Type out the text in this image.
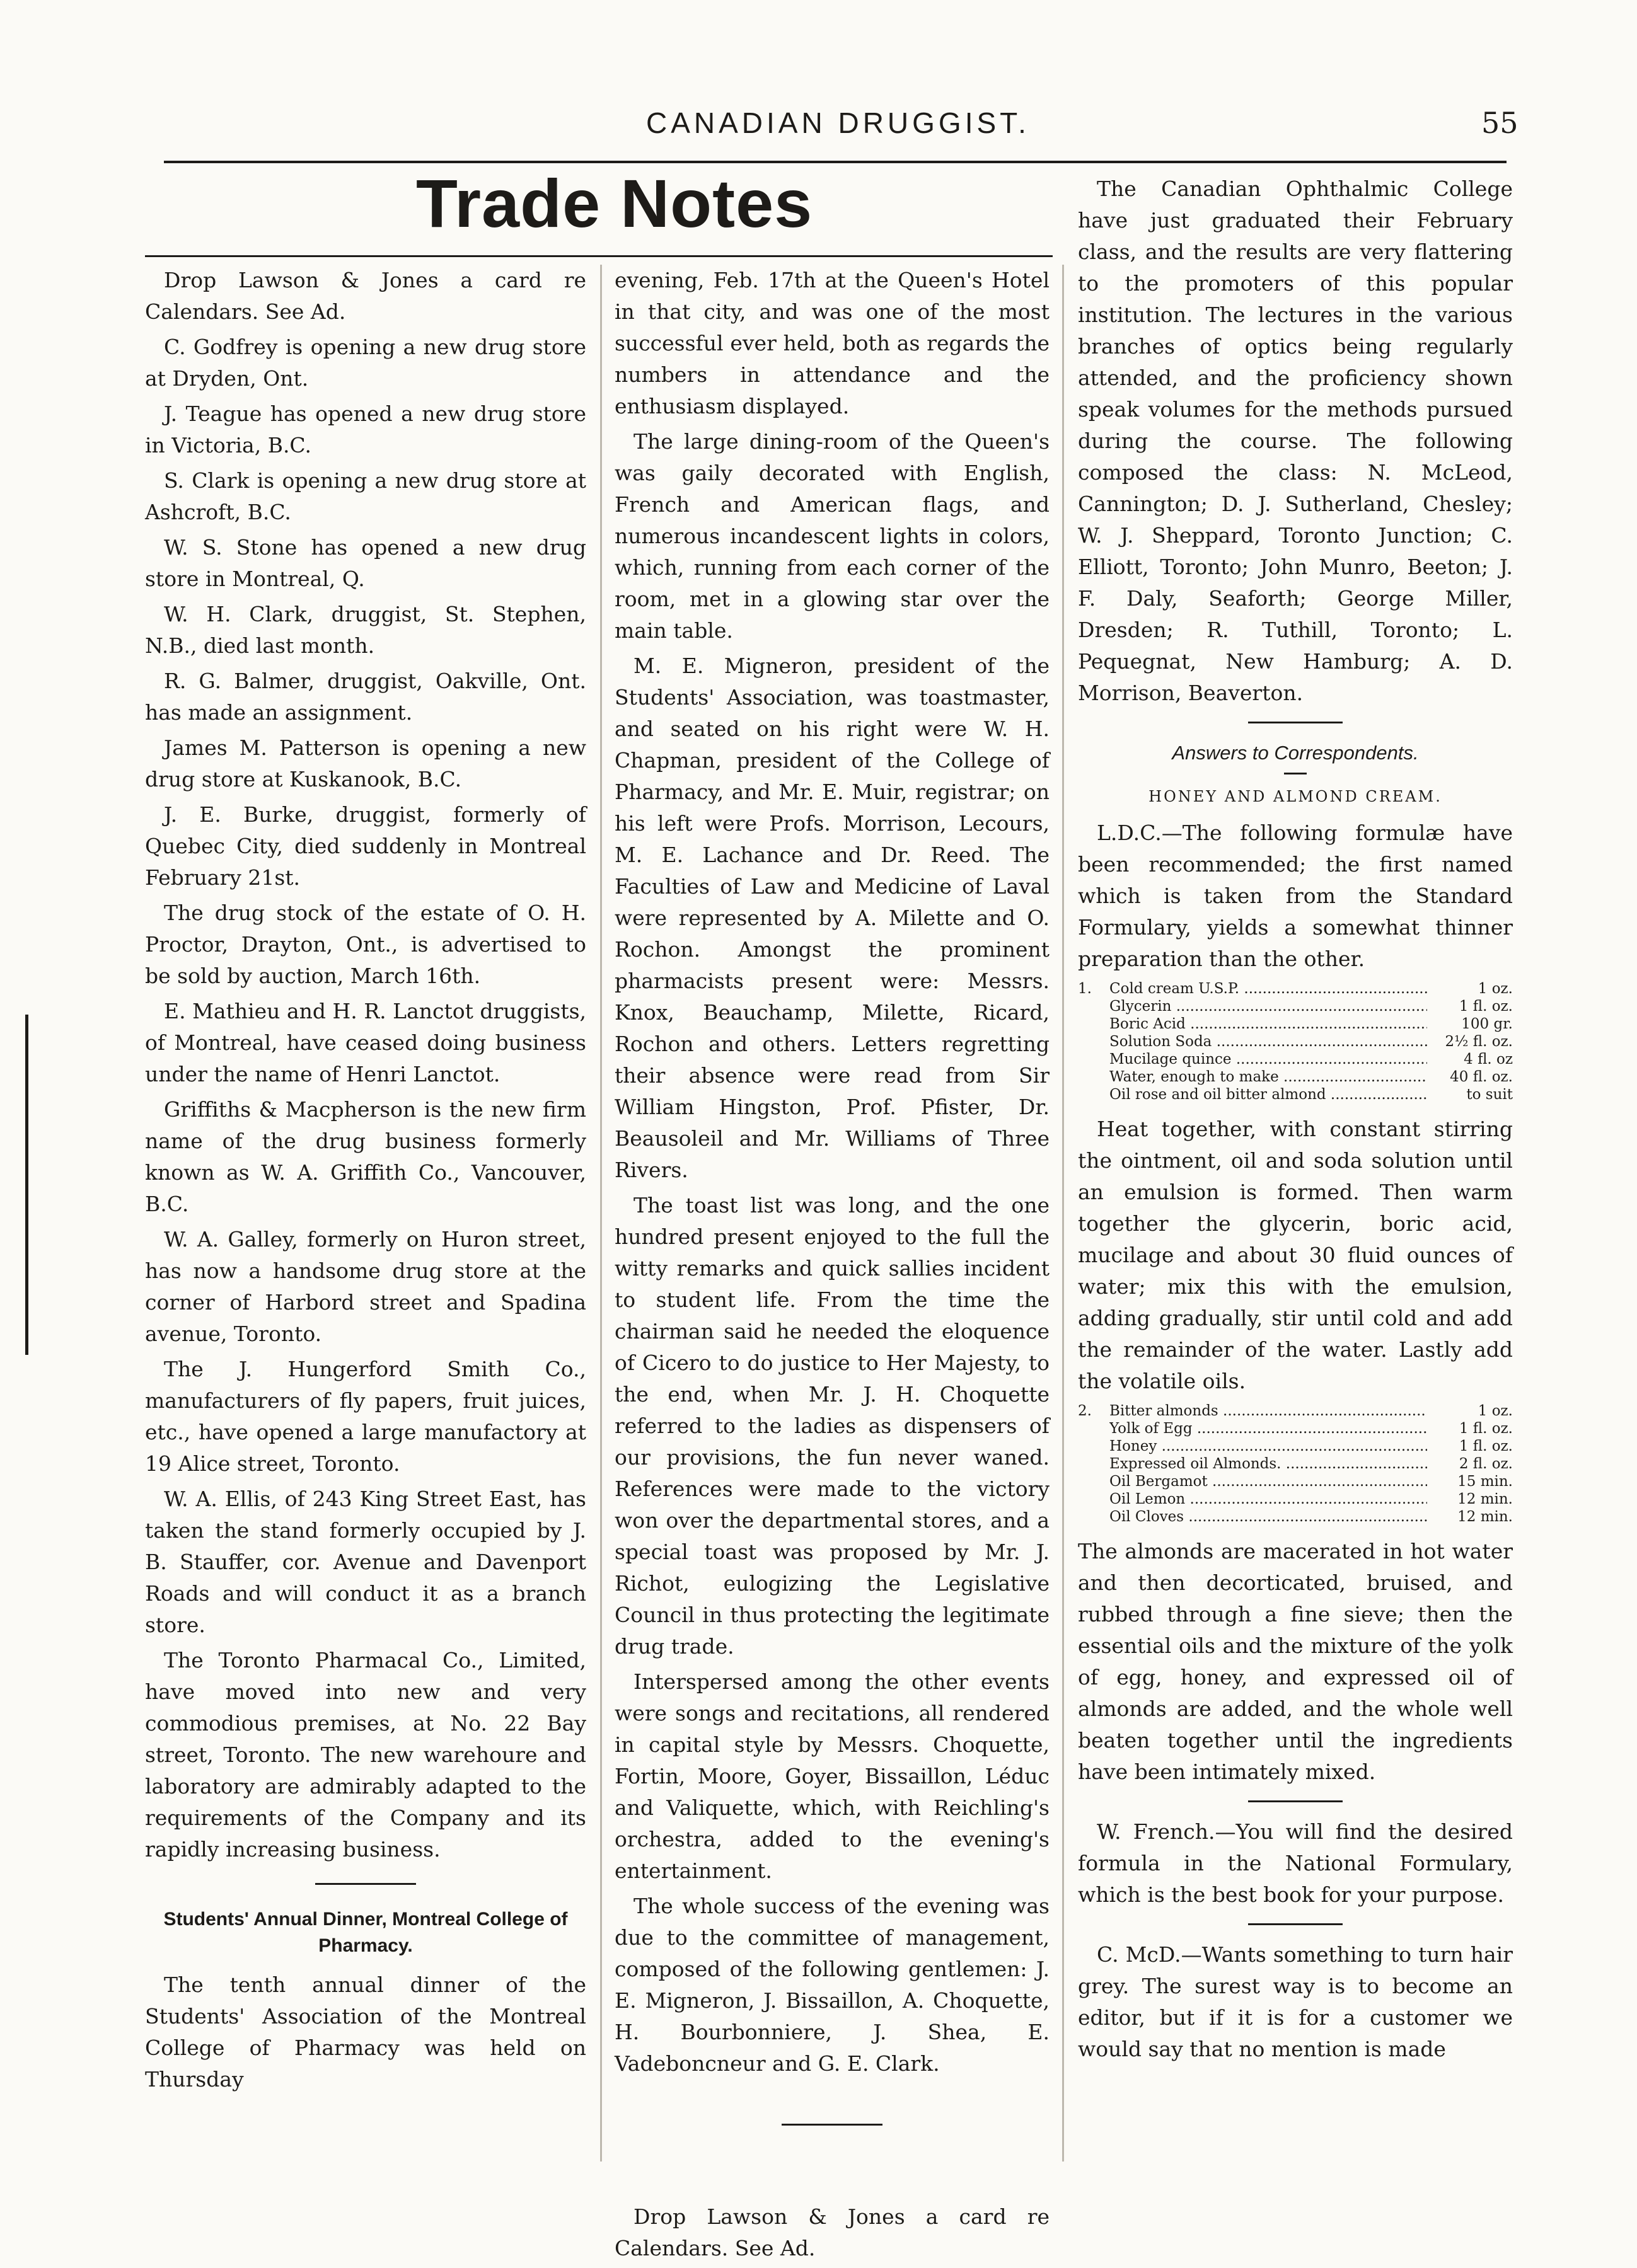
CANADIAN DRUGGIST.	55
Trade Notes

Drop Lawson & Jones a card re Calendars. See Ad.

C. Godfrey is opening a new drug store at Dryden, Ont.

J. Teague has opened a new drug store in Victoria, B.C.

S. Clark is opening a new drug store at Ashcroft, B.C.

W. S. Stone has opened a new drug store in Montreal, Q.

W. H. Clark, druggist, St. Stephen, N.B., died last month.

R. G. Balmer, druggist, Oakville, Ont. has made an assignment.

James M. Patterson is opening a new drug store at Kuskanook, B.C.

J. E. Burke, druggist, formerly of Quebec City, died suddenly in Montreal February 21st.

The drug stock of the estate of O. H. Proctor, Drayton, Ont., is advertised to be sold by auction, March 16th.

E. Mathieu and H. R. Lanctot druggists, of Montreal, have ceased doing business under the name of Henri Lanctot.

Griffiths & Macpherson is the new firm name of the drug business formerly known as W. A. Griffith Co., Vancouver, B.C.

W. A. Galley, formerly on Huron street, has now a handsome drug store at the corner of Harbord street and Spadina avenue, Toronto.

The J. Hungerford Smith Co., manufacturers of fly papers, fruit juices, etc., have opened a large manufactory at 19 Alice street, Toronto.

W. A. Ellis, of 243 King Street East, has taken the stand formerly occupied by J. B. Stauffer, cor. Avenue and Davenport Roads and will conduct it as a branch store.

The Toronto Pharmacal Co., Limited, have moved into new and very commodious premises, at No. 22 Bay street, Toronto. The new warehoure and laboratory are admirably adapted to the requirements of the Company and its rapidly increasing business.

Students' Annual Dinner, Montreal College of Pharmacy.

The tenth annual dinner of the Students' Association of the Montreal College of Pharmacy was held on Thursday

evening, Feb. 17th at the Queen's Hotel in that city, and was one of the most successful ever held, both as regards the numbers in attendance and the enthusiasm displayed.

The large dining-room of the Queen's was gaily decorated with English, French and American flags, and numerous incandescent lights in colors, which, running from each corner of the room, met in a glowing star over the main table.

M. E. Migneron, president of the Students' Association, was toastmaster, and seated on his right were W. H. Chapman, president of the College of Pharmacy, and Mr. E. Muir, registrar; on his left were Profs. Morrison, Lecours, M. E. Lachance and Dr. Reed. The Faculties of Law and Medicine of Laval were represented by A. Milette and O. Rochon. Amongst the prominent pharmacists present were: Messrs. Knox, Beauchamp, Milette, Ricard, Rochon and others. Letters regretting their absence were read from Sir William Hingston, Prof. Pfister, Dr. Beausoleil and Mr. Williams of Three Rivers.

The toast list was long, and the one hundred present enjoyed to the full the witty remarks and quick sallies incident to student life. From the time the chairman said he needed the eloquence of Cicero to do justice to Her Majesty, to the end, when Mr. J. H. Choquette referred to the ladies as dispensers of our provisions, the fun never waned. References were made to the victory won over the departmental stores, and a special toast was proposed by Mr. J. Richot, eulogizing the Legislative Council in thus protecting the legitimate drug trade.

Interspersed among the other events were songs and recitations, all rendered in capital style by Messrs. Choquette, Fortin, Moore, Goyer, Bissaillon, Léduc and Valiquette, which, with Reichling's orchestra, added to the evening's entertainment.

The whole success of the evening was due to the committee of management, composed of the following gentlemen: J. E. Migneron, J. Bissaillon, A. Choquette, H. Bourbonniere, J. Shea, E. Vadeboncneur and G. E. Clark.

Drop Lawson & Jones a card re Calendars. See Ad.

The Canadian Ophthalmic College have just graduated their February class, and the results are very flattering to the promoters of this popular institution. The lectures in the various branches of optics being regularly attended, and the proficiency shown speak volumes for the methods pursued during the course. The following composed the class: N. McLeod, Cannington; D. J. Sutherland, Chesley; W. J. Sheppard, Toronto Junction; C. Elliott, Toronto; John Munro, Beeton; J. F. Daly, Seaforth; George Miller, Dresden; R. Tuthill, Toronto; L. Pequegnat, New Hamburg; A. D. Morrison, Beaverton.

Answers to Correspondents.
HONEY AND ALMOND CREAM.

L.D.C.—The following formulæ have been recommended; the first named which is taken from the Standard Formulary, yields a somewhat thinner preparation than the other.

1.	Cold cream U.S.P. .....	1 oz.
Glycerin .....	1 fl. oz.
Boric Acid .....	100 gr.
Solution Soda .....	2½ fl. oz.
Mucilage quince .....	4 fl. oz
Water, enough to make .....	40 fl. oz.
Oil rose and oil bitter almond .....	to suit

Heat together, with constant stirring the ointment, oil and soda solution until an emulsion is formed. Then warm together the glycerin, boric acid, mucilage and about 30 fluid ounces of water; mix this with the emulsion, adding gradually, stir until cold and add the remainder of the water. Lastly add the volatile oils.

2.	Bitter almonds .....	1 oz.
Yolk of Egg .....	1 fl. oz.
Honey .....	1 fl. oz.
Expressed oil Almonds. .....	2 fl. oz.
Oil Bergamot .....	15 min.
Oil Lemon .....	12 min.
Oil Cloves .....	12 min.

The almonds are macerated in hot water and then decorticated, bruised, and rubbed through a fine sieve; then the essential oils and the mixture of the yolk of egg, honey, and expressed oil of almonds are added, and the whole well beaten together until the ingredients have been intimately mixed.

W. French.—You will find the desired formula in the National Formulary, which is the best book for your purpose.

C. McD.—Wants something to turn hair grey. The surest way is to become an editor, but if it is for a customer we would say that no mention is made
